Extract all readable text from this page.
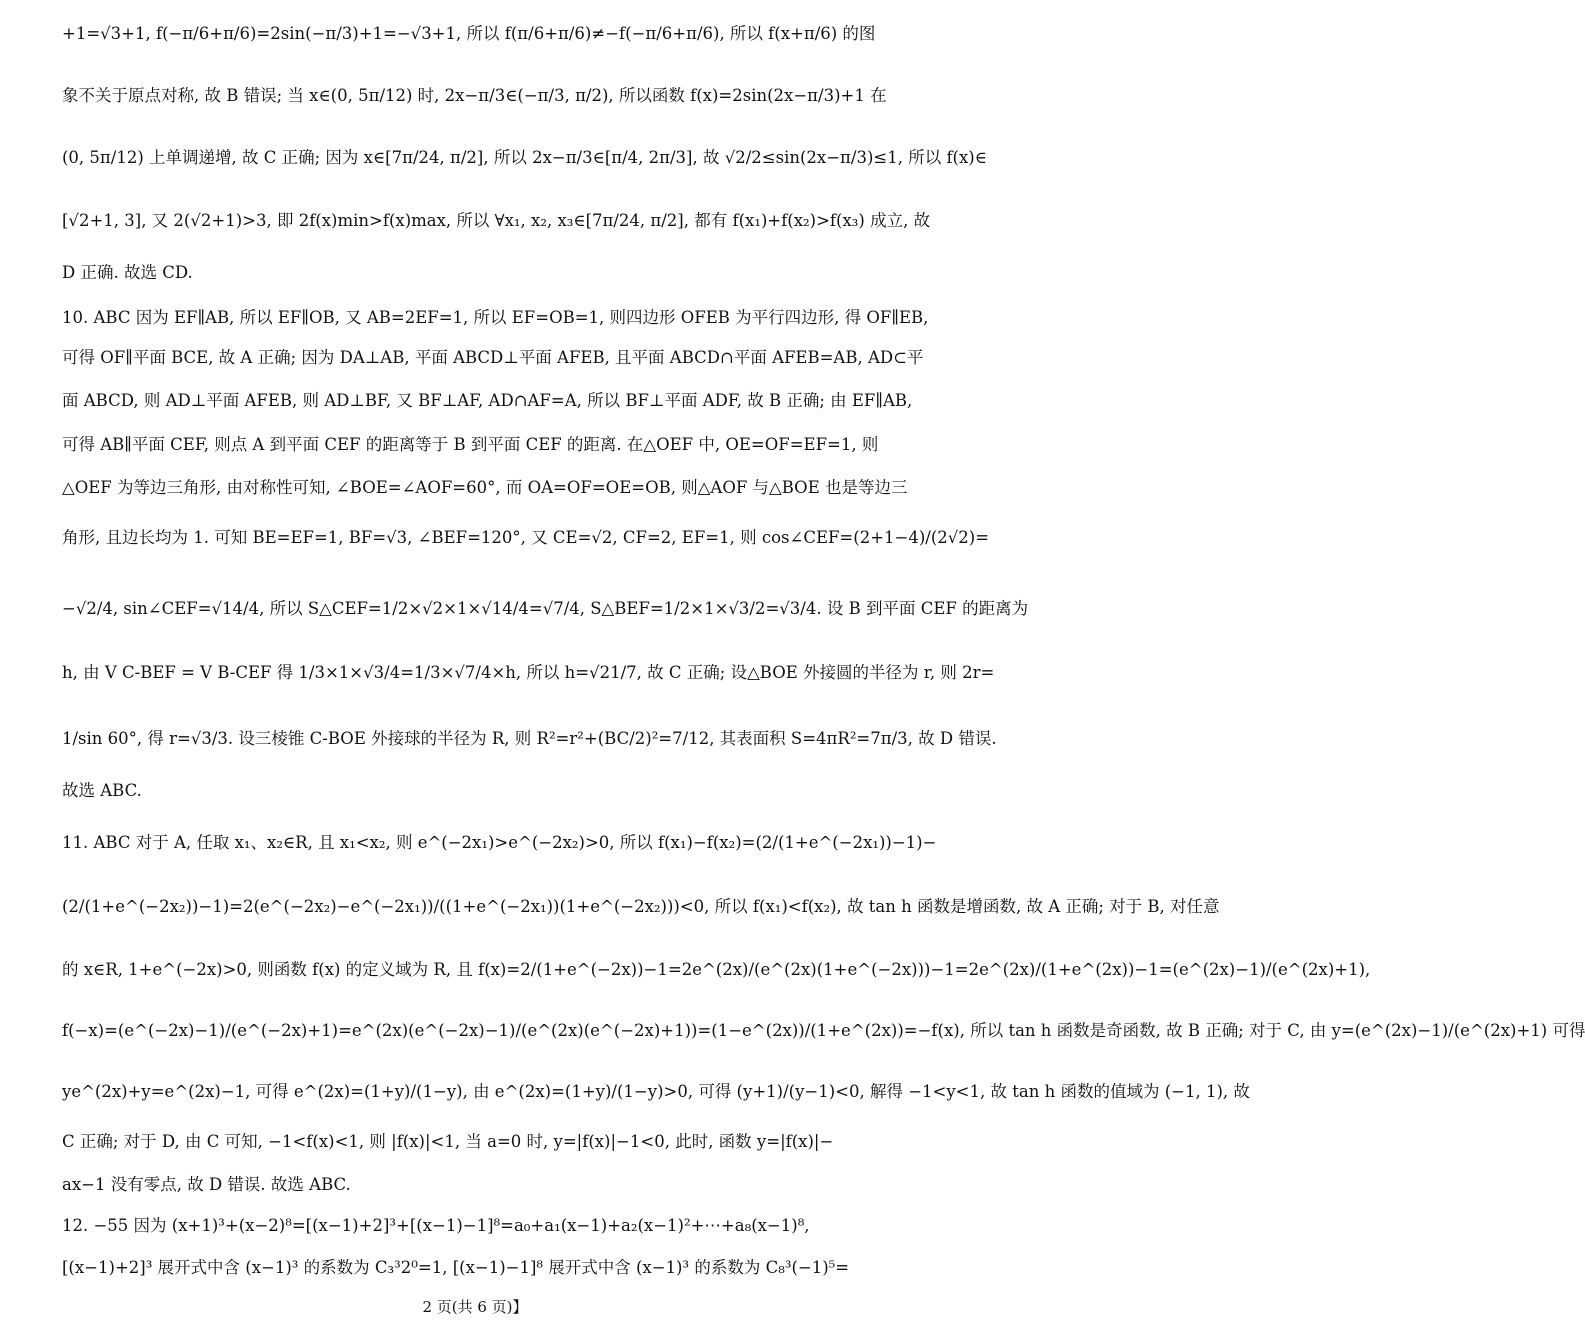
+1=√3+1, f(−π/6+π/6)=2sin(−π/3)+1=−√3+1, 所以 f(π/6+π/6)≠−f(−π/6+π/6), 所以 f(x+π/6) 的图
象不关于原点对称, 故 B 错误; 当 x∈(0, 5π/12) 时, 2x−π/3∈(−π/3, π/2), 所以函数 f(x)=2sin(2x−π/3)+1 在
(0, 5π/12) 上单调递增, 故 C 正确; 因为 x∈[7π/24, π/2], 所以 2x−π/3∈[π/4, 2π/3], 故 √2/2≤sin(2x−π/3)≤1, 所以 f(x)∈
[√2+1, 3], 又 2(√2+1)>3, 即 2f(x)min>f(x)max, 所以 ∀x₁, x₂, x₃∈[7π/24, π/2], 都有 f(x₁)+f(x₂)>f(x₃) 成立, 故
D 正确. 故选 CD.
10. ABC 因为 EF∥AB, 所以 EF∥OB, 又 AB=2EF=1, 所以 EF=OB=1, 则四边形 OFEB 为平行四边形, 得 OF∥EB,
可得 OF∥平面 BCE, 故 A 正确; 因为 DA⊥AB, 平面 ABCD⊥平面 AFEB, 且平面 ABCD∩平面 AFEB=AB, AD⊂平
面 ABCD, 则 AD⊥平面 AFEB, 则 AD⊥BF, 又 BF⊥AF, AD∩AF=A, 所以 BF⊥平面 ADF, 故 B 正确; 由 EF∥AB,
可得 AB∥平面 CEF, 则点 A 到平面 CEF 的距离等于 B 到平面 CEF 的距离. 在△OEF 中, OE=OF=EF=1, 则
△OEF 为等边三角形, 由对称性可知, ∠BOE=∠AOF=60°, 而 OA=OF=OE=OB, 则△AOF 与△BOE 也是等边三
角形, 且边长均为 1. 可知 BE=EF=1, BF=√3, ∠BEF=120°, 又 CE=√2, CF=2, EF=1, 则 cos∠CEF=(2+1−4)/(2√2)=
−√2/4, sin∠CEF=√14/4, 所以 S△CEF=1/2×√2×1×√14/4=√7/4, S△BEF=1/2×1×√3/2=√3/4. 设 B 到平面 CEF 的距离为
h, 由 V C-BEF = V B-CEF 得 1/3×1×√3/4=1/3×√7/4×h, 所以 h=√21/7, 故 C 正确; 设△BOE 外接圆的半径为 r, 则 2r=
1/sin 60°, 得 r=√3/3. 设三棱锥 C-BOE 外接球的半径为 R, 则 R²=r²+(BC/2)²=7/12, 其表面积 S=4πR²=7π/3, 故 D 错误.
故选 ABC.
11. ABC 对于 A, 任取 x₁、x₂∈R, 且 x₁<x₂, 则 e^(−2x₁)>e^(−2x₂)>0, 所以 f(x₁)−f(x₂)=(2/(1+e^(−2x₁))−1)−
(2/(1+e^(−2x₂))−1)=2(e^(−2x₂)−e^(−2x₁))/((1+e^(−2x₁))(1+e^(−2x₂)))<0, 所以 f(x₁)<f(x₂), 故 tan h 函数是增函数, 故 A 正确; 对于 B, 对任意
的 x∈R, 1+e^(−2x)>0, 则函数 f(x) 的定义域为 R, 且 f(x)=2/(1+e^(−2x))−1=2e^(2x)/(e^(2x)(1+e^(−2x)))−1=2e^(2x)/(1+e^(2x))−1=(e^(2x)−1)/(e^(2x)+1),
f(−x)=(e^(−2x)−1)/(e^(−2x)+1)=e^(2x)(e^(−2x)−1)/(e^(2x)(e^(−2x)+1))=(1−e^(2x))/(1+e^(2x))=−f(x), 所以 tan h 函数是奇函数, 故 B 正确; 对于 C, 由 y=(e^(2x)−1)/(e^(2x)+1) 可得
ye^(2x)+y=e^(2x)−1, 可得 e^(2x)=(1+y)/(1−y), 由 e^(2x)=(1+y)/(1−y)>0, 可得 (y+1)/(y−1)<0, 解得 −1<y<1, 故 tan h 函数的值域为 (−1, 1), 故
C 正确; 对于 D, 由 C 可知, −1<f(x)<1, 则 |f(x)|<1, 当 a=0 时, y=|f(x)|−1<0, 此时, 函数 y=|f(x)|−
ax−1 没有零点, 故 D 错误. 故选 ABC.
12. −55 因为 (x+1)³+(x−2)⁸=[(x−1)+2]³+[(x−1)−1]⁸=a₀+a₁(x−1)+a₂(x−1)²+⋯+a₈(x−1)⁸,
[(x−1)+2]³ 展开式中含 (x−1)³ 的系数为 C₃³2⁰=1, [(x−1)−1]⁸ 展开式中含 (x−1)³ 的系数为 C₈³(−1)⁵=
2 页(共 6 页)】
